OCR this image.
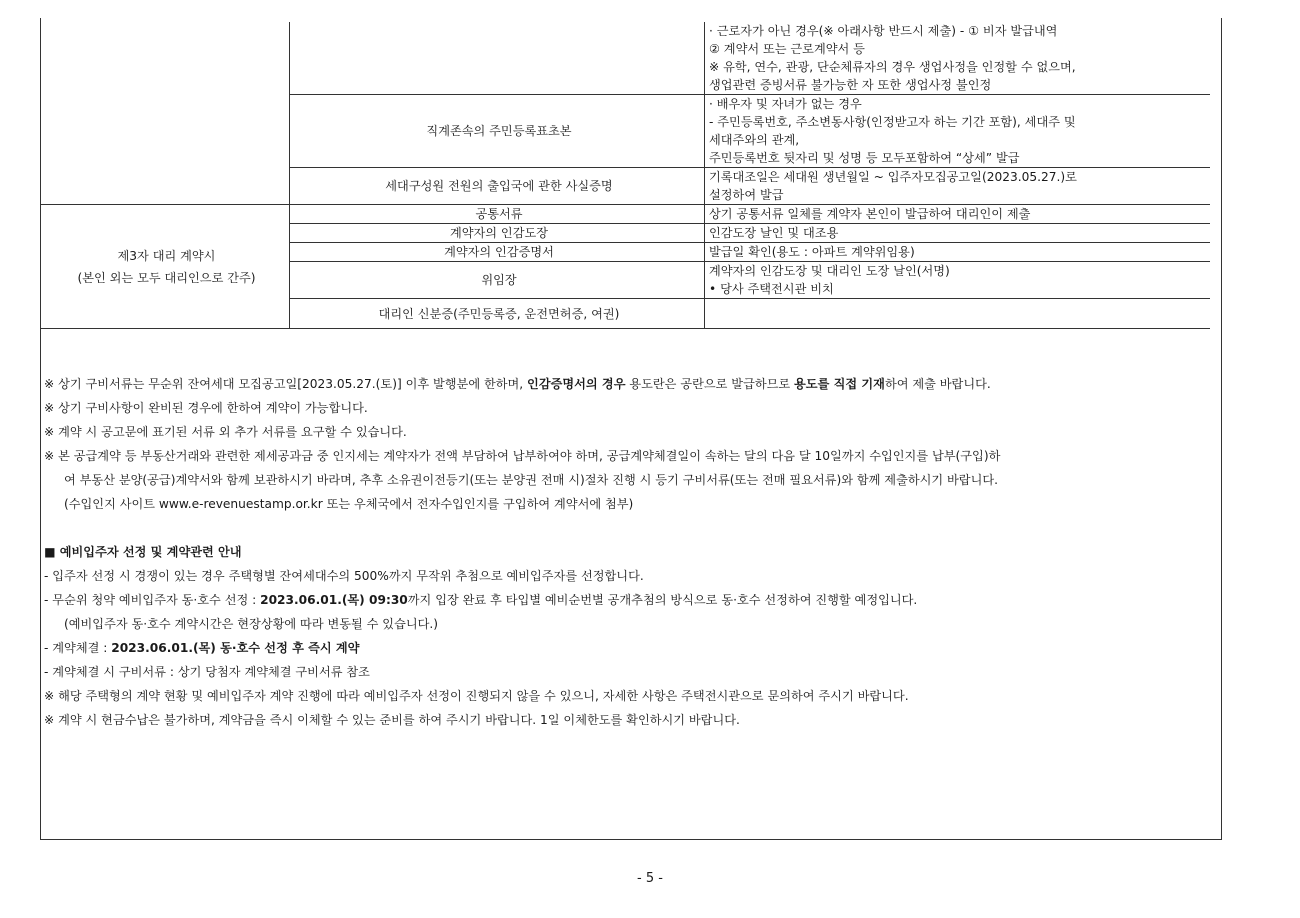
		· 근로자가 아닌 경우(※ 아래사항 반드시 제출) - ① 비자 발급내역
② 계약서 또는 근로계약서 등
※ 유학, 연수, 관광, 단순체류자의 경우 생업사정을 인정할 수 없으며,
생업관련 증빙서류 불가능한 자 또한 생업사정 불인정

	직계존속의 주민등록표초본	· 배우자 및 자녀가 없는 경우
- 주민등록번호, 주소변동사항(인정받고자 하는 기간 포함), 세대주 및
세대주와의 관계,
주민등록번호 뒷자리 및 성명 등 모두포함하여 “상세” 발급

	세대구성원 전원의 출입국에 관한 사실증명	기록대조일은 세대원 생년월일 ~ 입주자모집공고일(2023.05.27.)로
설정하여 발급

제3자 대리 계약시
(본인 외는 모두 대리인으로 간주)	공통서류	상기 공통서류 일체를 계약자 본인이 발급하여 대리인이 제출
	계약자의 인감도장	인감도장 날인 및 대조용
	계약자의 인감증명서	발급일 확인(용도 : 아파트 계약위임용)
	위임장	계약자의 인감도장 및 대리인 도장 날인(서명)
• 당사 주택전시관 비치

	대리인 신분증(주민등록증, 운전면허증, 여권)	

※ 상기 구비서류는 무순위 잔여세대 모집공고일[2023.05.27.(토)] 이후 발행분에 한하며, 인감증명서의 경우 용도란은 공란으로 발급하므로 용도를 직접 기재하여 제출 바랍니다.

※ 상기 구비사항이 완비된 경우에 한하여 계약이 가능합니다.

※ 계약 시 공고문에 표기된 서류 외 추가 서류를 요구할 수 있습니다.

※ 본 공급계약 등 부동산거래와 관련한 제세공과금 중 인지세는 계약자가 전액 부담하여 납부하여야 하며, 공급계약체결일이 속하는 달의 다음 달 10일까지 수입인지를 납부(구입)하

여 부동산 분양(공급)계약서와 함께 보관하시기 바라며, 추후 소유권이전등기(또는 분양권 전매 시)절차 진행 시 등기 구비서류(또는 전매 필요서류)와 함께 제출하시기 바랍니다.

(수입인지 사이트 www.e-revenuestamp.or.kr 또는 우체국에서 전자수입인지를 구입하여 계약서에 첨부)

■ 예비입주자 선정 및 계약관련 안내

- 입주자 선정 시 경쟁이 있는 경우 주택형별 잔여세대수의 500%까지 무작위 추첨으로 예비입주자를 선정합니다.

- 무순위 청약 예비입주자 동·호수 선정 : 2023.06.01.(목) 09:30까지 입장 완료 후 타입별 예비순번별 공개추첨의 방식으로 동·호수 선정하여 진행할 예정입니다.

(예비입주자 동·호수 계약시간은 현장상황에 따라 변동될 수 있습니다.)

- 계약체결 : 2023.06.01.(목) 동·호수 선정 후 즉시 계약

- 계약체결 시 구비서류 : 상기 당첨자 계약체결 구비서류 참조

※ 해당 주택형의 계약 현황 및 예비입주자 계약 진행에 따라 예비입주자 선정이 진행되지 않을 수 있으니, 자세한 사항은 주택전시관으로 문의하여 주시기 바랍니다.

※ 계약 시 현금수납은 불가하며, 계약금을 즉시 이체할 수 있는 준비를 하여 주시기 바랍니다. 1일 이체한도를 확인하시기 바랍니다.

- 5 -
